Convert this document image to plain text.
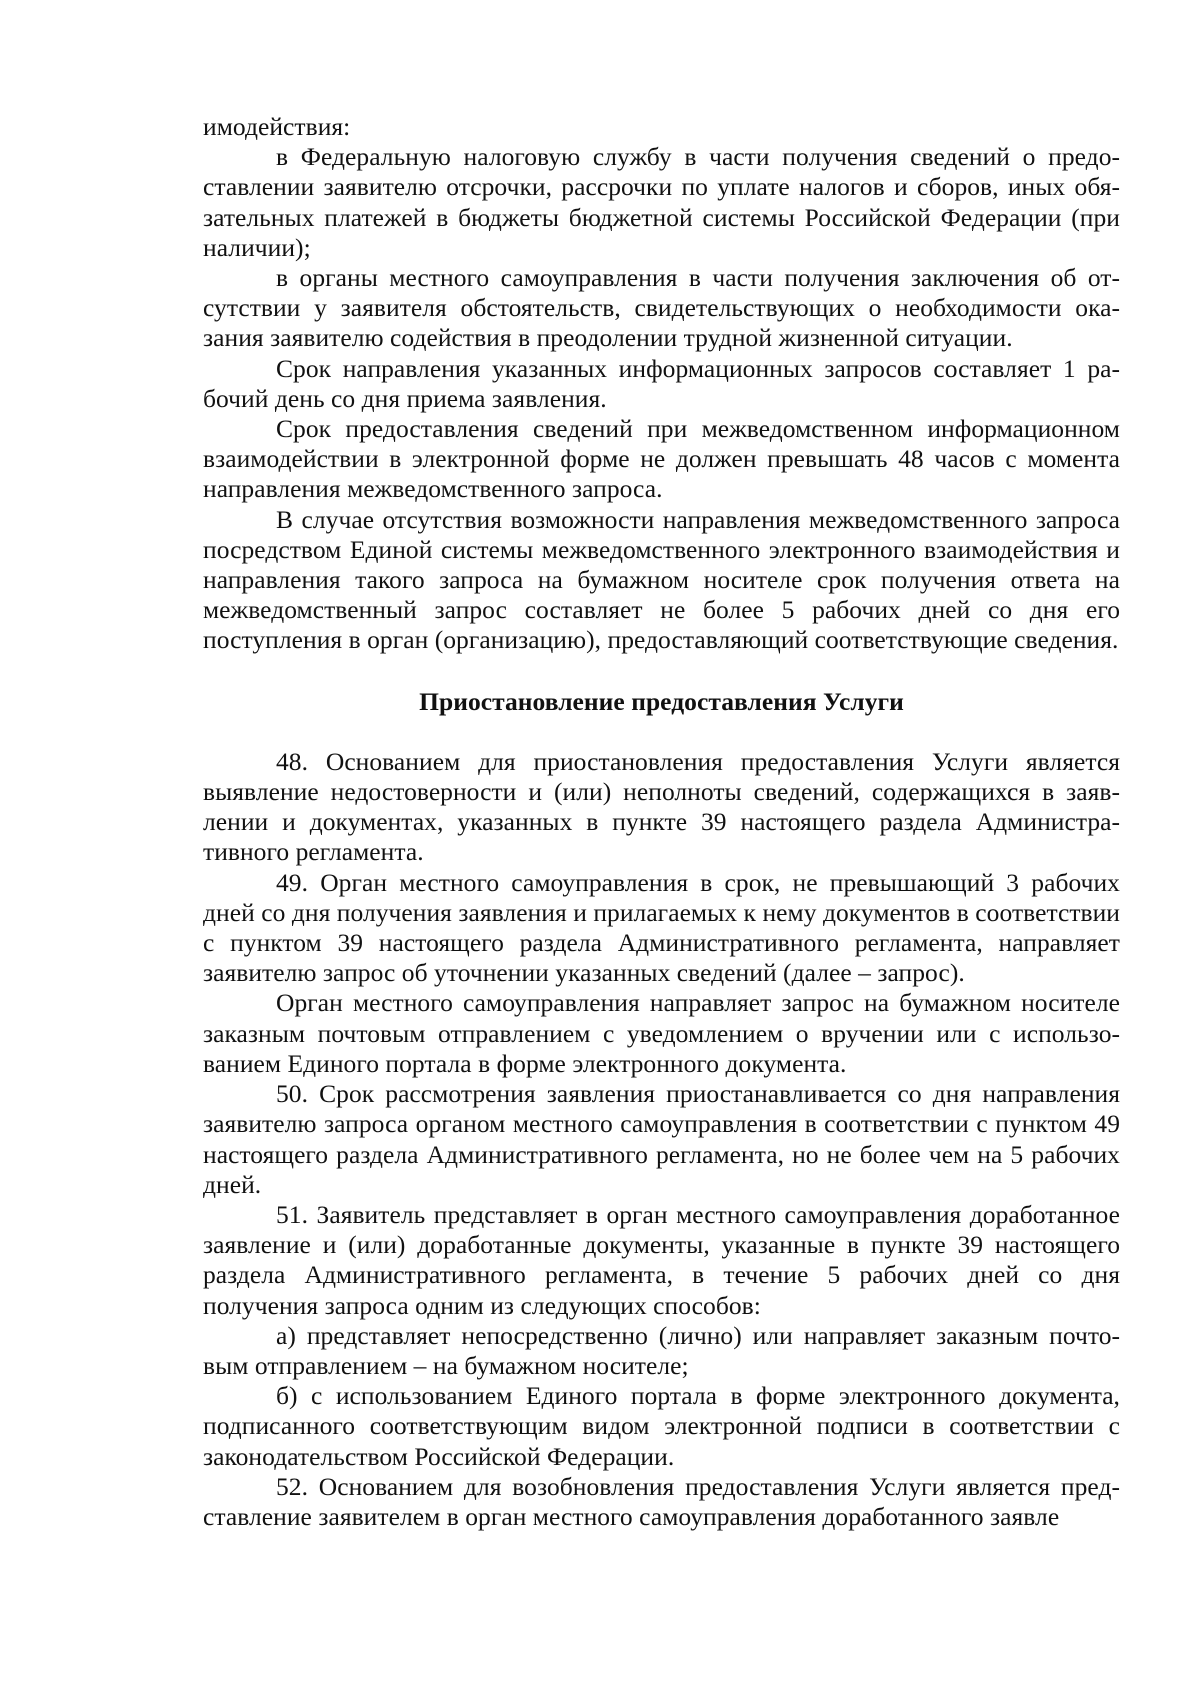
имодействия:

в Федеральную налоговую службу в части получения сведений о предоставлении заявителю отсрочки, рассрочки по уплате налогов и сборов, иных обязательных платежей в бюджеты бюджетной системы Российской Федерации (при наличии);

в органы местного самоуправления в части получения заключения об отсутствии у заявителя обстоятельств, свидетельствующих о необходимости оказания заявителю содействия в преодолении трудной жизненной ситуации.

Срок направления указанных информационных запросов составляет 1 рабочий день со дня приема заявления.

Срок предоставления сведений при межведомственном информационном взаимодействии в электронной форме не должен превышать 48 часов с момента направления межведомственного запроса.

В случае отсутствия возможности направления межведомственного запроса посредством Единой системы межведомственного электронного взаимодействия и направления такого запроса на бумажном носителе срок получения ответа на межведомственный запрос составляет не более 5 рабочих дней со дня его поступления в орган (организацию), предоставляющий соответствующие сведения.

Приостановление предоставления Услуги

48. Основанием для приостановления предоставления Услуги является выявление недостоверности и (или) неполноты сведений, содержащихся в заявлении и документах, указанных в пункте 39 настоящего раздела Административного регламента.

49. Орган местного самоуправления в срок, не превышающий 3 рабочих дней со дня получения заявления и прилагаемых к нему документов в соответствии с пунктом 39 настоящего раздела Административного регламента, направляет заявителю запрос об уточнении указанных сведений (далее – запрос).

Орган местного самоуправления направляет запрос на бумажном носителе заказным почтовым отправлением с уведомлением о вручении или с использованием Единого портала в форме электронного документа.

50. Срок рассмотрения заявления приостанавливается со дня направления заявителю запроса органом местного самоуправления в соответствии с пунктом 49 настоящего раздела Административного регламента, но не более чем на 5 рабочих дней.

51. Заявитель представляет в орган местного самоуправления доработанное заявление и (или) доработанные документы, указанные в пункте 39 настоящего раздела Административного регламента, в течение 5 рабочих дней со дня получения запроса одним из следующих способов:

а) представляет непосредственно (лично) или направляет заказным почтовым отправлением – на бумажном носителе;

б) с использованием Единого портала в форме электронного документа, подписанного соответствующим видом электронной подписи в соответствии с законодательством Российской Федерации.

52. Основанием для возобновления предоставления Услуги является представление заявителем в орган местного самоуправления доработанного заявле
